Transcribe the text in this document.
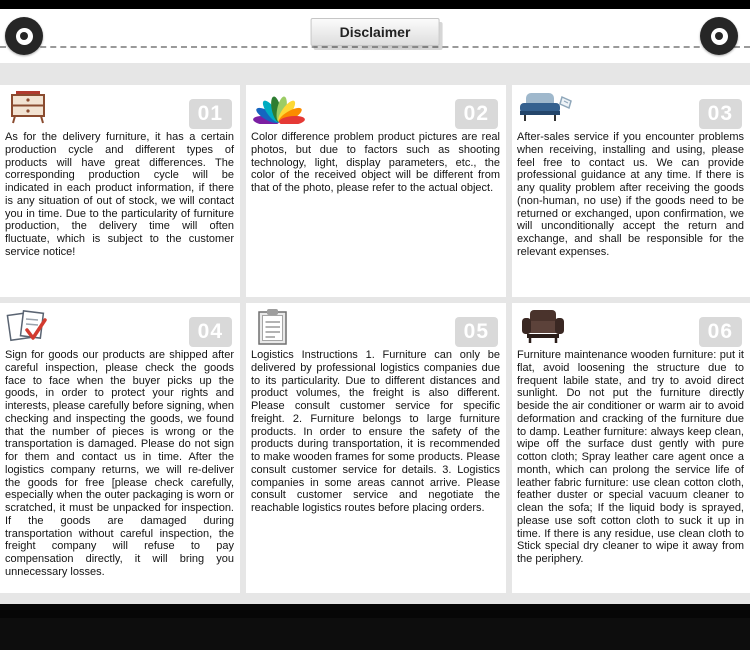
Disclaimer
01
As for the delivery furniture, it has a certain production cycle and different types of products will have great differences. The corresponding production cycle will be indicated in each product information, if there is any situation of out of stock, we will contact you in time. Due to the particularity of furniture production, the delivery time will often fluctuate, which is subject to the customer service notice!
02
Color difference problem product pictures are real photos, but due to factors such as shooting technology, light, display parameters, etc., the color of the received object will be different from that of the photo, please refer to the actual object.
03
After-sales service if you encounter problems when receiving, installing and using, please feel free to contact us. We can provide professional guidance at any time. If there is any quality problem after receiving the goods (non-human, no use) if the goods need to be returned or exchanged, upon confirmation, we will unconditionally accept the return and exchange, and shall be responsible for the relevant expenses.
04
Sign for goods our products are shipped after careful inspection, please check the goods face to face when the buyer picks up the goods, in order to protect your rights and interests, please carefully before signing, when checking and inspecting the goods, we found that the number of pieces is wrong or the transportation is damaged. Please do not sign for them and contact us in time. After the logistics company returns, we will re-deliver the goods for free [please check carefully, especially when the outer packaging is worn or scratched, it must be unpacked for inspection. If the goods are damaged during transportation without careful inspection, the freight company will refuse to pay compensation directly, it will bring you unnecessary losses.
05
Logistics Instructions 1. Furniture can only be delivered by professional logistics companies due to its particularity. Due to different distances and product volumes, the freight is also different. Please consult customer service for specific freight. 2. Furniture belongs to large furniture products. In order to ensure the safety of the products during transportation, it is recommended to make wooden frames for some products. Please consult customer service for details. 3. Logistics companies in some areas cannot arrive. Please consult customer service and negotiate the reachable logistics routes before placing orders.
06
Furniture maintenance wooden furniture: put it flat, avoid loosening the structure due to frequent labile state, and try to avoid direct sunlight. Do not put the furniture directly beside the air conditioner or warm air to avoid deformation and cracking of the furniture due to damp. Leather furniture: always keep clean, wipe off the surface dust gently with pure cotton cloth; Spray leather care agent once a month, which can prolong the service life of leather fabric furniture: use clean cotton cloth, feather duster or special vacuum cleaner to clean the sofa; If the liquid body is sprayed, please use soft cotton cloth to suck it up in time. If there is any residue, use clean cloth to Stick special dry cleaner to wipe it away from the periphery.
